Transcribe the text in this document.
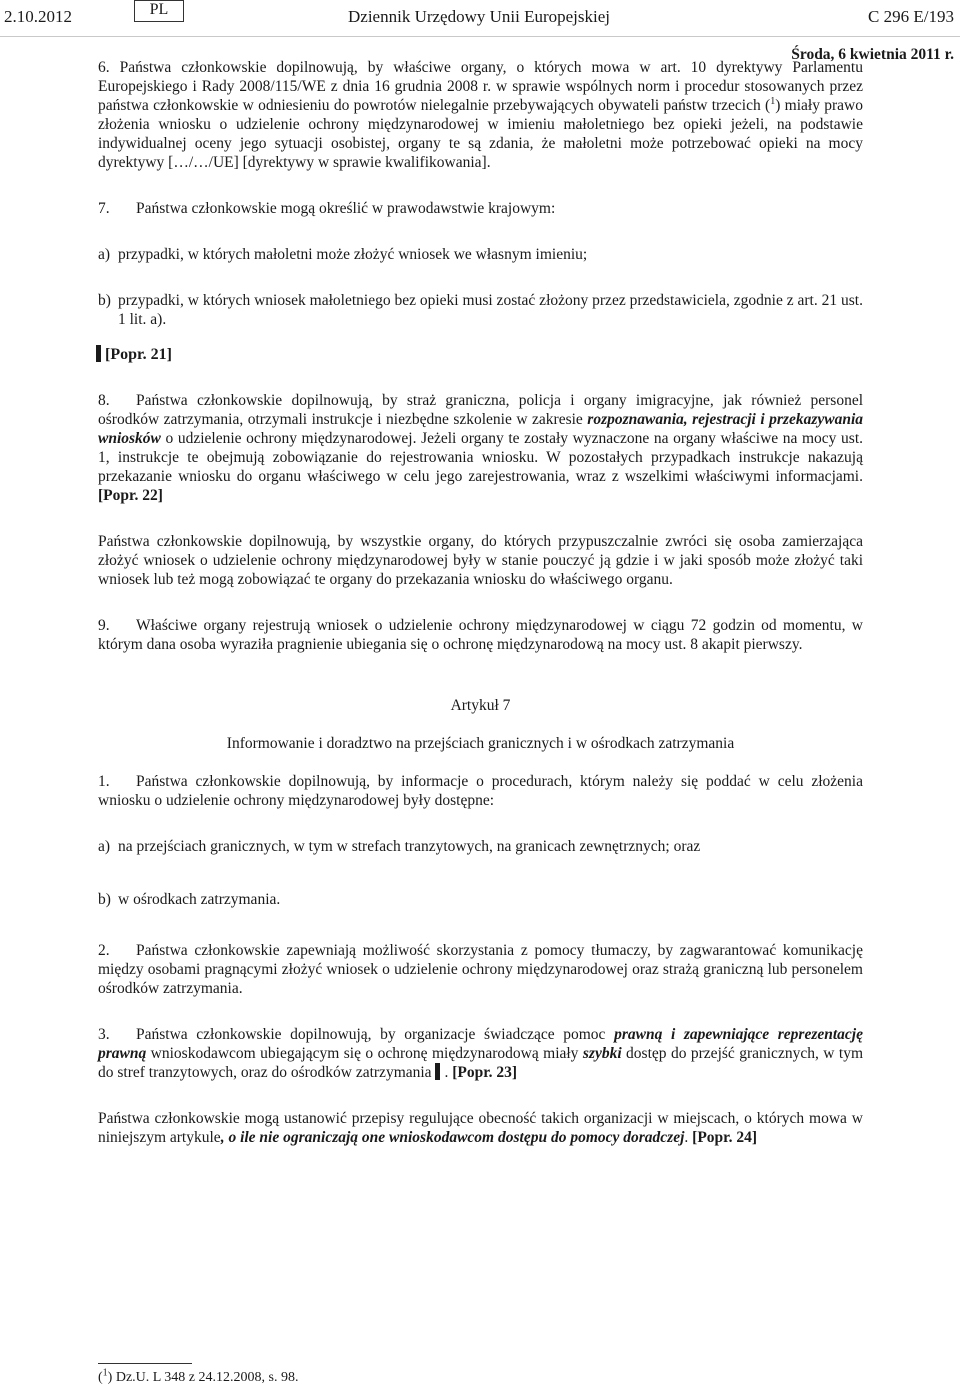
2.10.2012	PL	Dziennik Urzędowy Unii Europejskiej	C 296 E/193
Środa, 6 kwietnia 2011 r.

6. Państwa członkowskie dopilnowują, by właściwe organy, o których mowa w art. 10 dyrektywy Parlamentu Europejskiego i Rady 2008/115/WE z dnia 16 grudnia 2008 r. w sprawie wspólnych norm i procedur stosowanych przez państwa członkowskie w odniesieniu do powrotów nielegalnie przebywających obywateli państw trzecich ($^1$) miały prawo złożenia wniosku o udzielenie ochrony międzynarodowej w imieniu małoletniego bez opieki jeżeli, na podstawie indywidualnej oceny jego sytuacji osobistej, organy te są zdania, że małoletni może potrzebować opieki na mocy dyrektywy […/…/UE] [dyrektywy w sprawie kwalifikowania].

7. Państwa członkowskie mogą określić w prawodawstwie krajowym:

a) przypadki, w których małoletni może złożyć wniosek we własnym imieniu;

b) przypadki, w których wniosek małoletniego bez opieki musi zostać złożony przez przedstawiciela, zgodnie z art. 21 ust. 1 lit. a).

[Popr. 21]

8. Państwa członkowskie dopilnowują, by straż graniczna, policja i organy imigracyjne, jak również personel ośrodków zatrzymania, otrzymali instrukcje i niezbędne szkolenie w zakresie rozpoznawania, rejestracji i przekazywania wniosków o udzielenie ochrony międzynarodowej. Jeżeli organy te zostały wyznaczone na organy właściwe na mocy ust. 1, instrukcje te obejmują zobowiązanie do rejestrowania wniosku. W pozostałych przypadkach instrukcje nakazują przekazanie wniosku do organu właściwego w celu jego zarejestrowania, wraz z wszelkimi właściwymi informacjami. [Popr. 22]

Państwa członkowskie dopilnowują, by wszystkie organy, do których przypuszczalnie zwróci się osoba zamierzająca złożyć wniosek o udzielenie ochrony międzynarodowej były w stanie pouczyć ją gdzie i w jaki sposób może złożyć taki wniosek lub też mogą zobowiązać te organy do przekazania wniosku do właściwego organu.

9. Właściwe organy rejestrują wniosek o udzielenie ochrony międzynarodowej w ciągu 72 godzin od momentu, w którym dana osoba wyraziła pragnienie ubiegania się o ochronę międzynarodową na mocy ust. 8 akapit pierwszy.

Artykuł 7

Informowanie i doradztwo na przejściach granicznych i w ośrodkach zatrzymania

1. Państwa członkowskie dopilnowują, by informacje o procedurach, którym należy się poddać w celu złożenia wniosku o udzielenie ochrony międzynarodowej były dostępne:

a) na przejściach granicznych, w tym w strefach tranzytowych, na granicach zewnętrznych; oraz

b) w ośrodkach zatrzymania.

2. Państwa członkowskie zapewniają możliwość skorzystania z pomocy tłumaczy, by zagwarantować komunikację między osobami pragnącymi złożyć wniosek o udzielenie ochrony międzynarodowej oraz strażą graniczną lub personelem ośrodków zatrzymania.

3. Państwa członkowskie dopilnowują, by organizacje świadczące pomoc prawną i zapewniające reprezentację prawną wnioskodawcom ubiegającym się o ochronę międzynarodową miały szybki dostęp do przejść granicznych, w tym do stref tranzytowych, oraz do ośrodków zatrzymania . [Popr. 23]

Państwa członkowskie mogą ustanowić przepisy regulujące obecność takich organizacji w miejscach, o których mowa w niniejszym artykule, o ile nie ograniczają one wnioskodawcom dostępu do pomocy doradczej. [Popr. 24]

($^1$) Dz.U. L 348 z 24.12.2008, s. 98.
